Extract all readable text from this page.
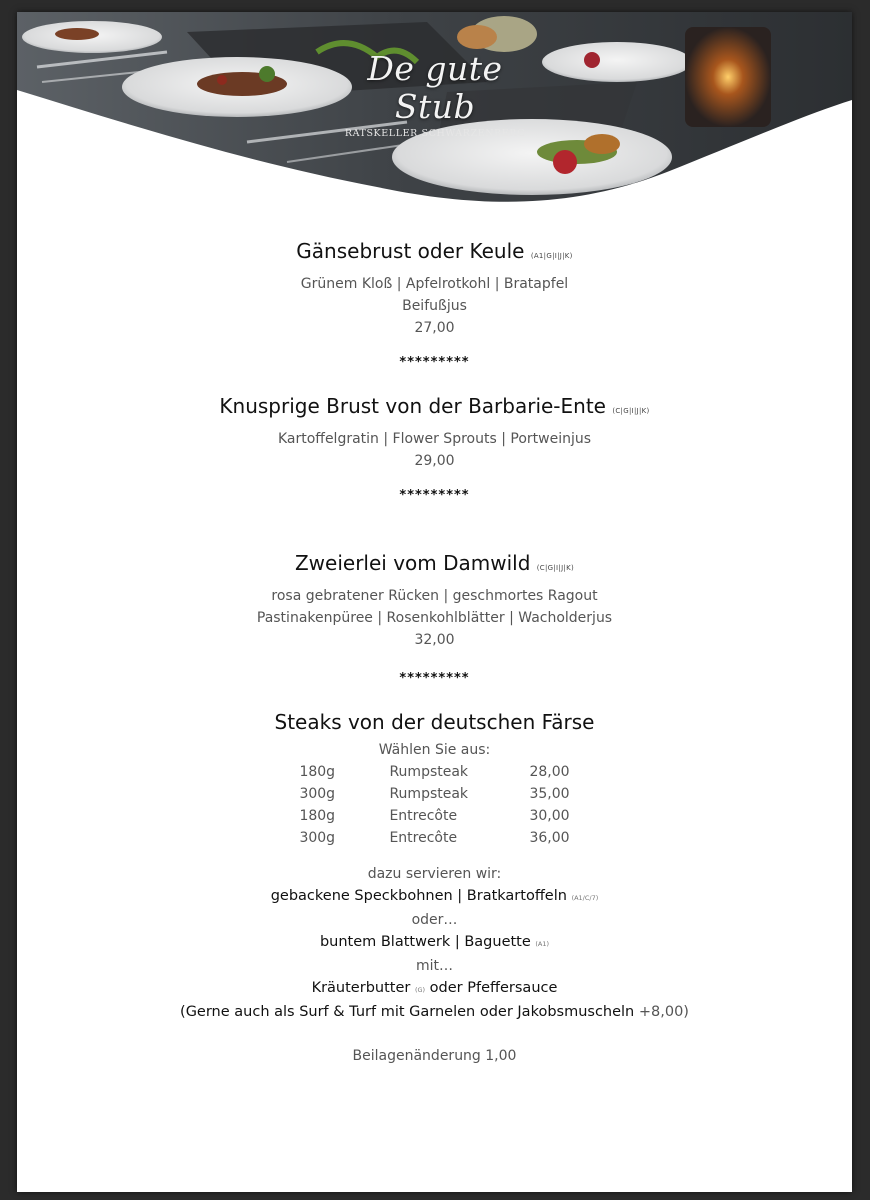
De gute Stub
RATSKELLER SCHWARZENBERG
Gänsebrust oder Keule (A1|G|I|J|K)
Grünem Kloß | Apfelrotkohl | Bratapfel
Beifußjus
27,00
*********
Knusprige Brust von der Barbarie-Ente (C|G|I|J|K)
Kartoffelgratin | Flower Sprouts | Portweinjus
29,00
*********
Zweierlei vom Damwild (C|G|I|J|K)
rosa gebratener Rücken | geschmortes Ragout
Pastinakenpüree | Rosenkohlblätter | Wacholderjus
32,00
*********
Steaks von der deutschen Färse
Wählen Sie aus:
180g	Rumpsteak	28,00
300g	Rumpsteak	35,00
180g	Entrecôte	30,00
300g	Entrecôte	36,00
dazu servieren wir:
gebackene Speckbohnen | Bratkartoffeln (A1/C/7)
oder…
buntem Blattwerk | Baguette (A1)
mit…
Kräuterbutter (G) oder Pfeffersauce
(Gerne auch als Surf & Turf mit Garnelen oder Jakobsmuscheln +8,00)
Beilagenänderung 1,00
